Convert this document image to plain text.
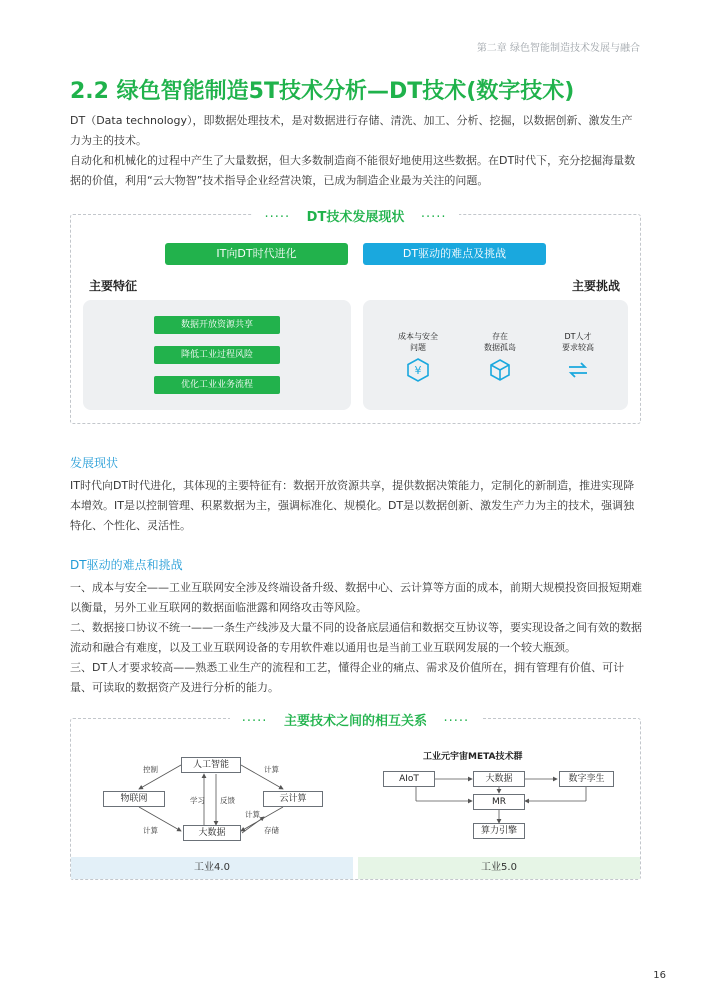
第二章 绿色智能制造技术发展与融合
2.2 绿色智能制造5T技术分析—DT技术(数字技术)
DT（Data technology），即数据处理技术，是对数据进行存储、清洗、加工、分析、挖掘，以数据创新、激发生产力为主的技术。
自动化和机械化的过程中产生了大量数据，但大多数制造商不能很好地使用这些数据。在DT时代下，充分挖掘海量数据的价值，利用“云大物智”技术指导企业经营决策，已成为制造企业最为关注的问题。
····· DT技术发展现状 ·····
IT向DT时代进化	DT驱动的难点及挑战
主要特征	主要挑战
数据开放资源共享
降低工业过程风险
优化工业业务流程
成本与安全
问题
¥
存在
数据孤岛
DT人才
要求较高
发展现状
IT时代向DT时代进化，其体现的主要特征有：数据开放资源共享，提供数据决策能力，定制化的新制造，推进实现降本增效。IT是以控制管理、积累数据为主，强调标准化、规模化。DT是以数据创新、激发生产力为主的技术，强调独特化、个性化、灵活性。
DT驱动的难点和挑战
一、成本与安全——工业互联网安全涉及终端设备升级、数据中心、云计算等方面的成本，前期大规模投资回报短期难以衡量，另外工业互联网的数据面临泄露和网络攻击等风险。
二、数据接口协议不统一——一条生产线涉及大量不同的设备底层通信和数据交互协议等，要实现设备之间有效的数据流动和融合有难度，以及工业互联网设备的专用软件难以通用也是当前工业互联网发展的一个较大瓶颈。
三、DT人才要求较高——熟悉工业生产的流程和工艺，懂得企业的痛点、需求及价值所在，拥有管理有价值、可计量、可读取的数据资产及进行分析的能力。
····· 主要技术之间的相互关系 ·····
人工智能
物联网	云计算
大数据
控制	计算
计算
计算
学习 反馈
存储
工业元宇宙META技术群
AIoT	大数据	数字孪生
MR
算力引擎
工业4.0	工业5.0
16
